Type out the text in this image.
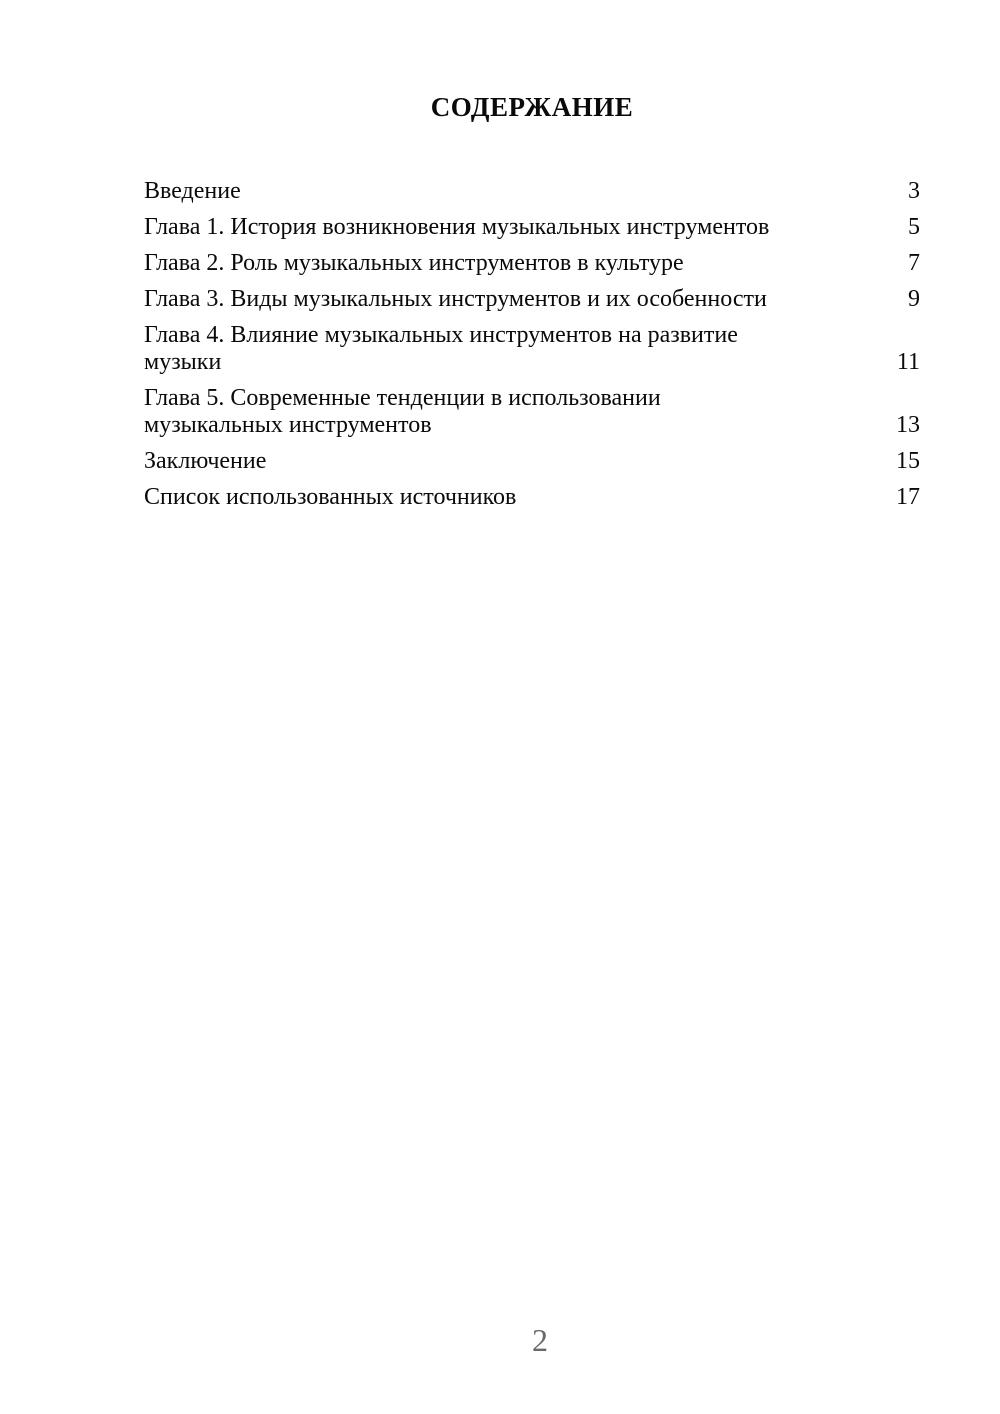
СОДЕРЖАНИЕ
Введение	3
Глава 1. История возникновения музыкальных инструментов	5
Глава 2. Роль музыкальных инструментов в культуре	7
Глава 3. Виды музыкальных инструментов и их особенности	9
Глава 4. Влияние музыкальных инструментов на развитие
музыки	11
Глава 5. Современные тенденции в использовании
музыкальных инструментов	13
Заключение	15
Список использованных источников	17
2
